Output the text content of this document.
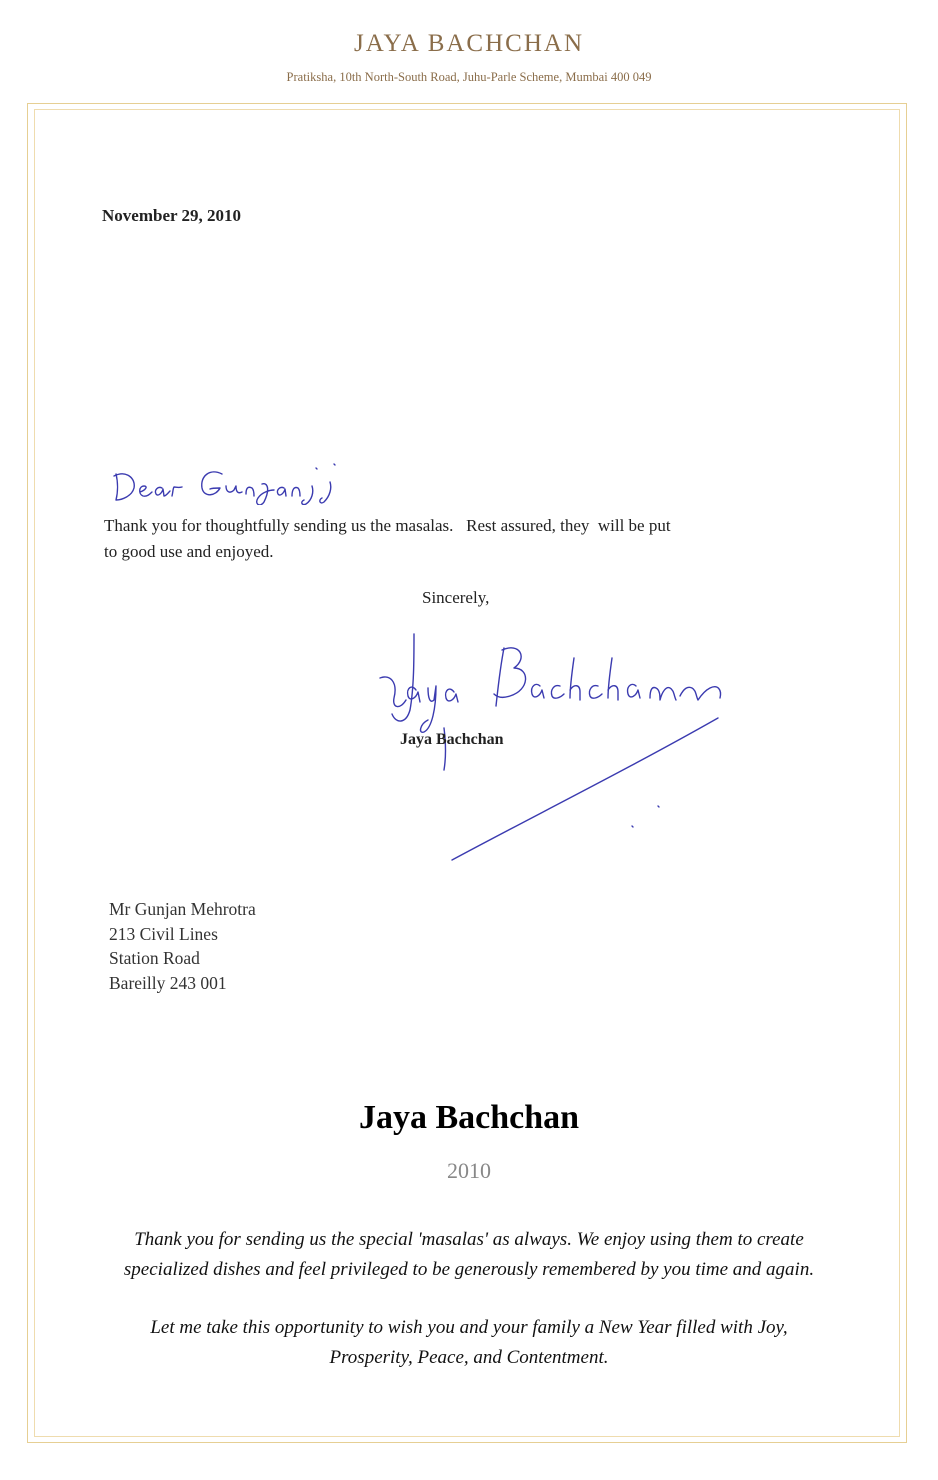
JAYA BACHCHAN
Pratiksha, 10th North-South Road, Juhu-Parle Scheme, Mumbai 400 049
November 29, 2010
Thank you for thoughtfully sending us the masalas.   Rest assured, they  will be put
to good use and enjoyed.
Sincerely,
Jaya Bachchan
Mr Gunjan Mehrotra
213 Civil Lines
Station Road
Bareilly 243 001
Jaya Bachchan
2010
Thank you for sending us the special 'masalas' as always. We enjoy using them to create
specialized dishes and feel privileged to be generously remembered by you time and again.
Let me take this opportunity to wish you and your family a New Year filled with Joy,
Prosperity, Peace, and Contentment.
